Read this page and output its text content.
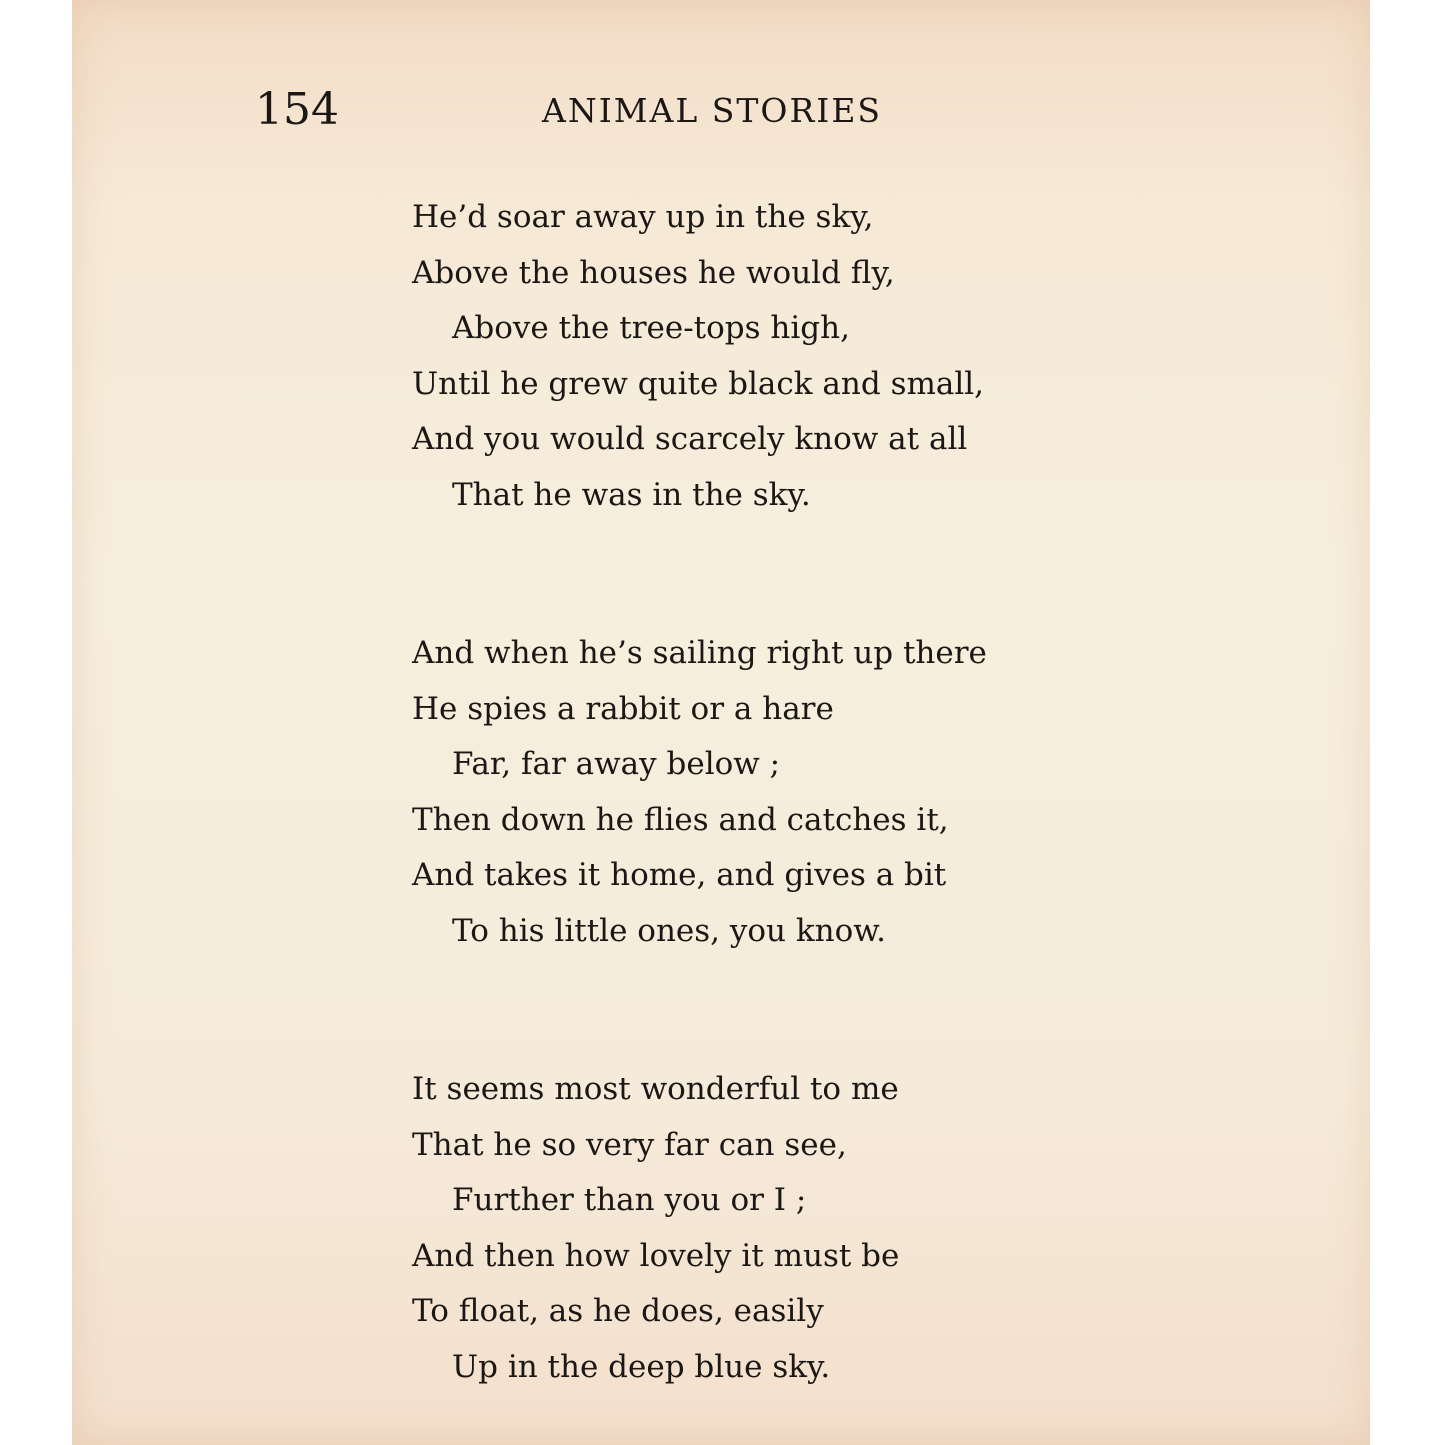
154	ANIMAL STORIES
He’d soar away up in the sky,
Above the houses he would fly,
Above the tree-tops high,
Until he grew quite black and small,
And you would scarcely know at all
That he was in the sky.
And when he’s sailing right up there
He spies a rabbit or a hare
Far, far away below ;
Then down he flies and catches it,
And takes it home, and gives a bit
To his little ones, you know.
It seems most wonderful to me
That he so very far can see,
Further than you or I ;
And then how lovely it must be
To float, as he does, easily
Up in the deep blue sky.
